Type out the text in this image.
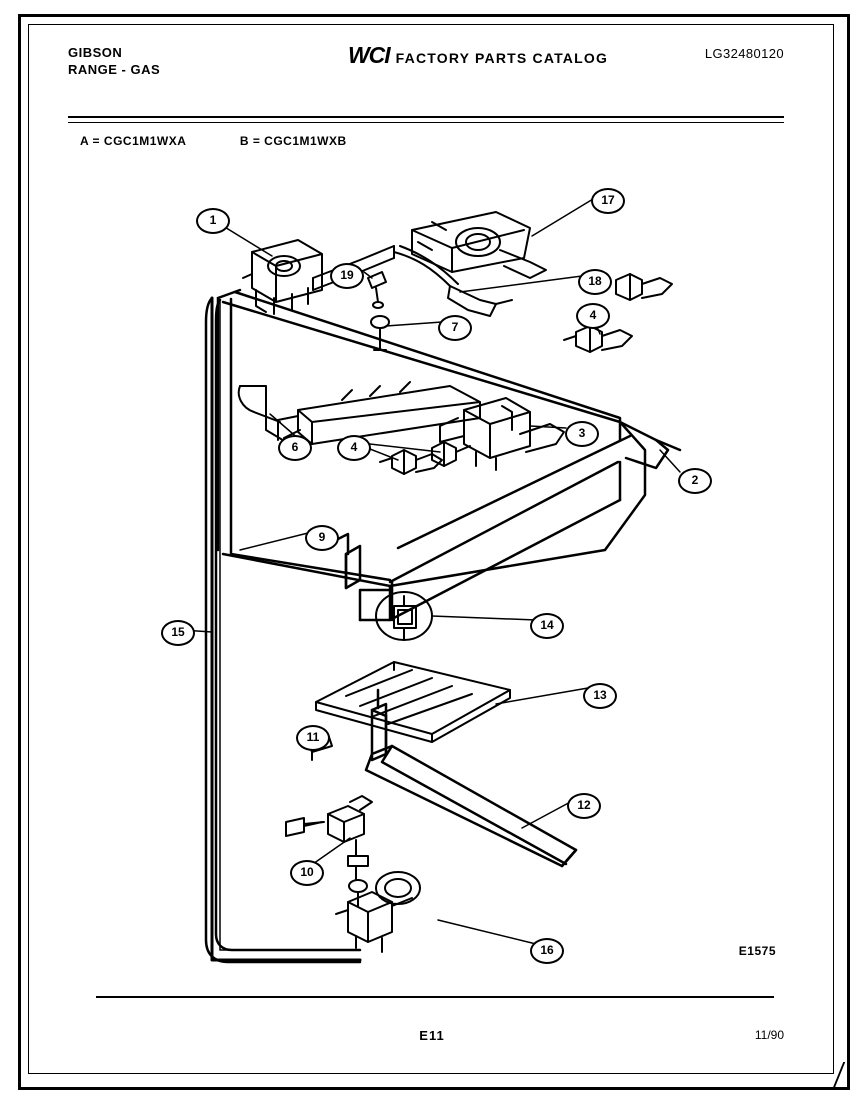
GIBSON
RANGE - GAS
WCI FACTORY PARTS CATALOG	LG32480120
A = CGC1M1WXA	B = CGC1M1WXB
1
2
3
4
4
6
7
9
10
11
12
13
14
15
16
17
18
19
E1575
E11	11/90
